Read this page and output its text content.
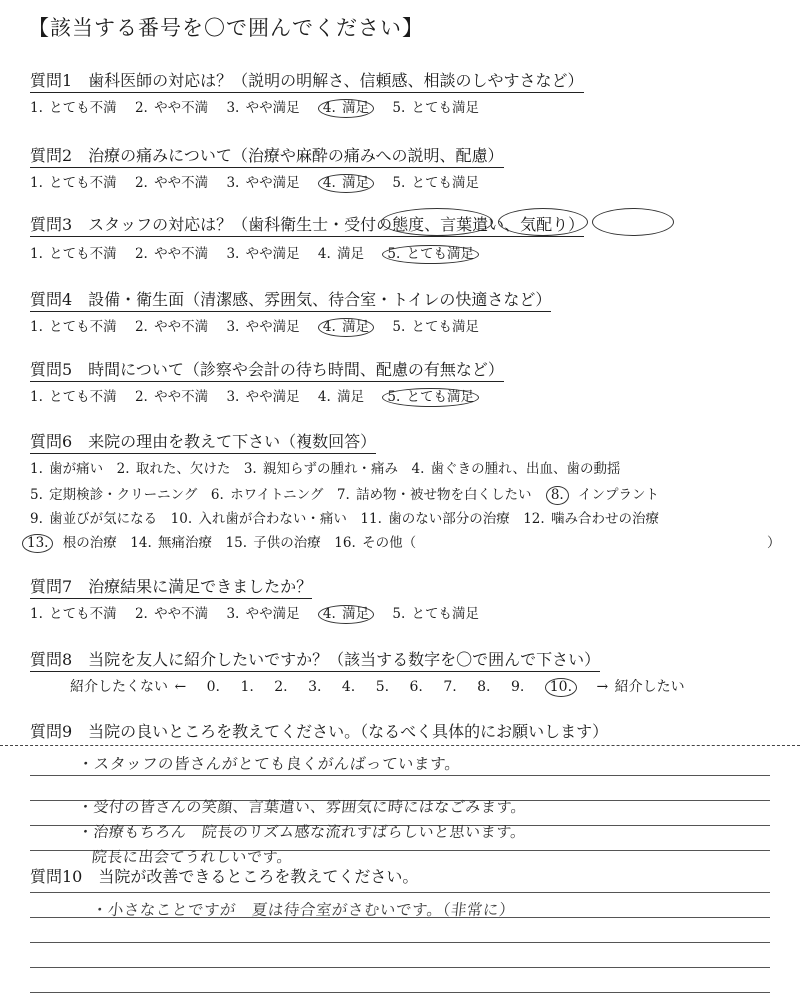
【該当する番号を〇で囲んでください】
質問1　歯科医師の対応は？（説明の明解さ、信頼感、相談のしやすさなど）
1. とても不満 2. やや不満 3. やや満足 4. 満足 5. とても満足
質問2　治療の痛みについて（治療や麻酔の痛みへの説明、配慮）
1. とても不満 2. やや不満 3. やや満足 4. 満足 5. とても満足
質問3　スタッフの対応は？（歯科衛生士・受付の態度、言葉遣い、気配り）
1. とても不満 2. やや不満 3. やや満足 4. 満足 5. とても満足
質問4　設備・衛生面（清潔感、雰囲気、待合室・トイレの快適さなど）
1. とても不満 2. やや不満 3. やや満足 4. 満足 5. とても満足
質問5　時間について（診察や会計の待ち時間、配慮の有無など）
1. とても不満 2. やや不満 3. やや満足 4. 満足 5. とても満足
質問6　来院の理由を教えて下さい（複数回答）
1. 歯が痛い　2. 取れた、欠けた　3. 親知らずの腫れ・痛み　4. 歯ぐきの腫れ、出血、歯の動揺
5. 定期検診・クリーニング　6. ホワイトニング　7. 詰め物・被せ物を白くしたい 8. インプラント
9. 歯並びが気になる　10. 入れ歯が合わない・痛い　11. 歯のない部分の治療　12. 噛み合わせの治療
13. 根の治療　14. 無痛治療　15. 子供の治療　16. その他（　　　　　　　　　　　　　　　　　　　　　　　　　　）
質問7　治療結果に満足できましたか？
1. とても不満 2. やや不満 3. やや満足 4. 満足 5. とても満足
質問8　当院を友人に紹介したいですか？（該当する数字を〇で囲んで下さい）
紹介したくない ← 0. 1. 2. 3. 4. 5. 6. 7. 8. 9. 10. → 紹介したい
質問9　当院の良いところを教えてください。（なるべく具体的にお願いします）
・スタッフの皆さんがとても良くがんばっています。
・受付の皆さんの笑顔、言葉遣い、雰囲気に時にはなごみます。
・治療もちろん　院長のリズム感な流れすばらしいと思います。
院長に出会てうれしいです。
質問10　当院が改善できるところを教えてください。
・小さなことですが　夏は待合室がさむいです。（非常に）
